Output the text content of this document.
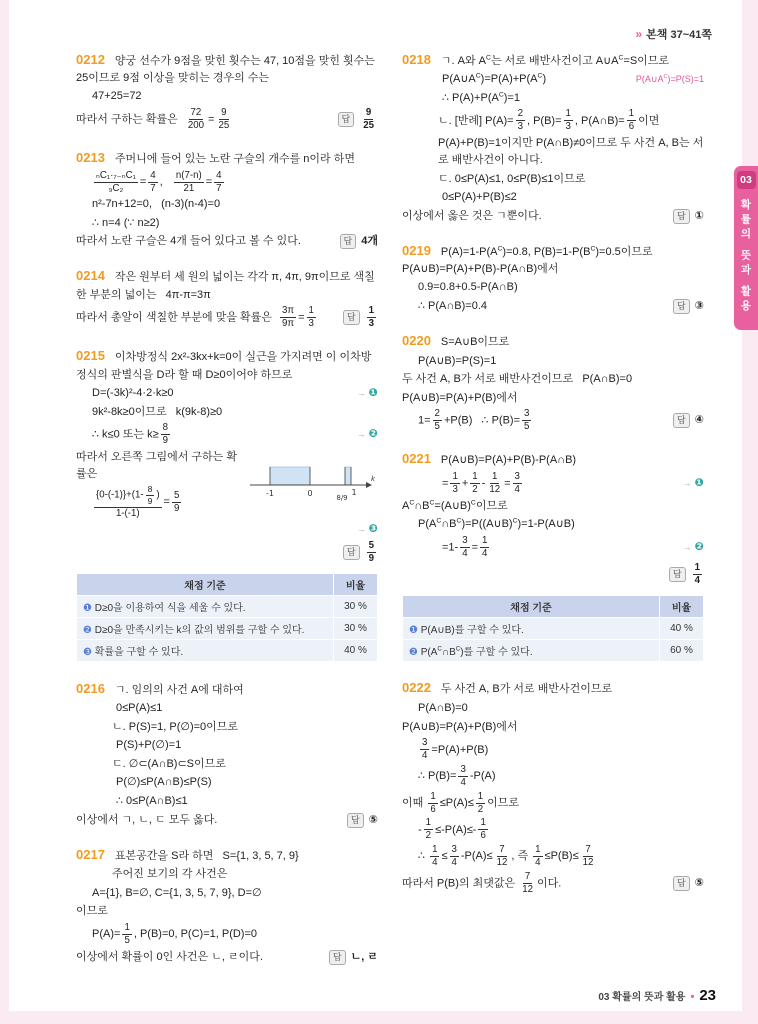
» 본책 37~41쪽
03
확률의 뜻과 활용
0212 양궁 선수가 9점을 맞힌 횟수는 47, 10점을 맞힌 횟수는 25이므로 9점 이상을 맞히는 경우의 수는
47+25=72
따라서 구하는 확률은 $\frac{72}{200} = \frac{9}{25}$	답	$\frac{9}{25}$
0213 주머니에 들어 있는 노란 구슬의 개수를 n이라 하면
$\frac{\text{ₙC₁·₇₋ₙC₁}}{\text{₉C₂}} = \frac{4}{7}$ , $\frac{n(7-n)}{21} = \frac{4}{7}$
n²-7n+12=0,   (n-3)(n-4)=0
∴ n=4 (∵ n≥2)
따라서 노란 구슬은 4개 들어 있다고 볼 수 있다.	답 4개
0214 작은 원부터 세 원의 넓이는 각각 π, 4π, 9π이므로 색칠한 부분의 넓이는   4π-π=3π
따라서 총알이 색칠한 부분에 맞을 확률은 $\frac{3\pi}{9\pi} = \frac{1}{3}$	답	$\frac{1}{3}$
0215 이차방정식 2x²-3kx+k=0이 실근을 가지려면 이 이차방정식의 판별식을 D라 할 때 D≥0이어야 하므로
D=(-3k)²-4·2·k≥0	→ ❶
9k²-8k≥0이므로   k(9k-8)≥0
∴ k≤0 또는 $k\ge \frac{8}{9}$	→ ❷
-1	0	8/9
1
k
따라서 오른쪽 그림에서 구하는 확률은
$\frac{\{0-(-1)\}+(1- \frac{8}{9} )}{1-(-1)} = \frac{5}{9}$
→ ❸
답	$\frac{5}{9}$
채점 기준	비율
❶ D≥0을 이용하여 식을 세울 수 있다.	30 %
❷ D≥0을 만족시키는 k의 값의 범위를 구할 수 있다.	30 %
❸ 확률을 구할 수 있다.	40 %
0216 ㄱ. 임의의 사건 A에 대하여
0≤P(A)≤1
ㄴ. P(S)=1, P(∅)=0이므로
P(S)+P(∅)=1
ㄷ. ∅⊂(A∩B)⊂S이므로
P(∅)≤P(A∩B)≤P(S)
∴ 0≤P(A∩B)≤1
이상에서 ㄱ, ㄴ, ㄷ 모두 옳다.	답 ⑤
0217 표본공간을 S라 하면   S={1, 3, 5, 7, 9}
주어진 보기의 각 사건은
A={1}, B=∅, C={1, 3, 5, 7, 9}, D=∅
이므로
$P(A)= \frac{1}{5}$ , P(B)=0, P(C)=1, P(D)=0
이상에서 확률이 0인 사건은 ㄴ, ㄹ이다.	답 ㄴ, ㄹ
0218 ㄱ. A와 $A^C$는 서로 배반사건이고 $A\cup A^C=S$이므로
$P(A\cup A^C)=P(A)+P(A^C)$	$P(A\cup A^C)=P(S)=1$
∴ $P(A)+P(A^C)=1$
ㄴ. [반례] $P(A)= \frac{2}{3}$ , $P(B)= \frac{1}{3}$ , P(A∩B)= $\frac{1}{6}$ 이면
P(A)+P(B)=1이지만 P(A∩B)≠0이므로 두 사건 A, B는 서로 배반사건이 아니다.
ㄷ. 0≤P(A)≤1, 0≤P(B)≤1이므로
0≤P(A)+P(B)≤2
이상에서 옳은 것은 ㄱ뿐이다.	답 ①
0219 $P(A)=1-P(A^C)=0.8$, $P(B)=1-P(B^C)=0.5$이므로 P(A∪B)=P(A)+P(B)-P(A∩B)에서
0.9=0.8+0.5-P(A∩B)
∴ P(A∩B)=0.4	답 ③
0220 S=A∪B이므로
P(A∪B)=P(S)=1
두 사건 A, B가 서로 배반사건이므로   P(A∩B)=0
P(A∪B)=P(A)+P(B)에서
$1= \frac{2}{5} +P(B)$   ∴ $P(B)= \frac{3}{5}$	답 ④
0221 P(A∪B)=P(A)+P(B)-P(A∩B)
= $\frac{1}{3} + \frac{1}{2} - \frac{1}{12} = \frac{3}{4}$	→ ❶
$A^C\cap B^C=(A\cup B)^C$이므로
$P(A^C\cap B^C)=P((A\cup B)^C)=1-P(A\cup B)$
$=1- \frac{3}{4} = \frac{1}{4}$	→ ❷
답	$\frac{1}{4}$
채점 기준	비율
❶ P(A∪B)를 구할 수 있다.	40 %
❷ $P(A^C\cap B^C)$를 구할 수 있다.	60 %
0222 두 사건 A, B가 서로 배반사건이므로
P(A∩B)=0
P(A∪B)=P(A)+P(B)에서
$\frac{3}{4} =P(A)+P(B)$
∴ $P(B)= \frac{3}{4} -P(A)$
이때 $\frac{1}{6} \le P(A)\le \frac{1}{2}$ 이므로
- $\frac{1}{2} \le-P(A)\le- \frac{1}{6}$
∴ $\frac{1}{4} \le \frac{3}{4} -P(A)\le \frac{7}{12}$ , 즉 $\frac{1}{4} \le P(B)\le \frac{7}{12}$
따라서 P(B)의 최댓값은 $\frac{7}{12}$ 이다.	답 ⑤
03 확률의 뜻과 활용 • 23
